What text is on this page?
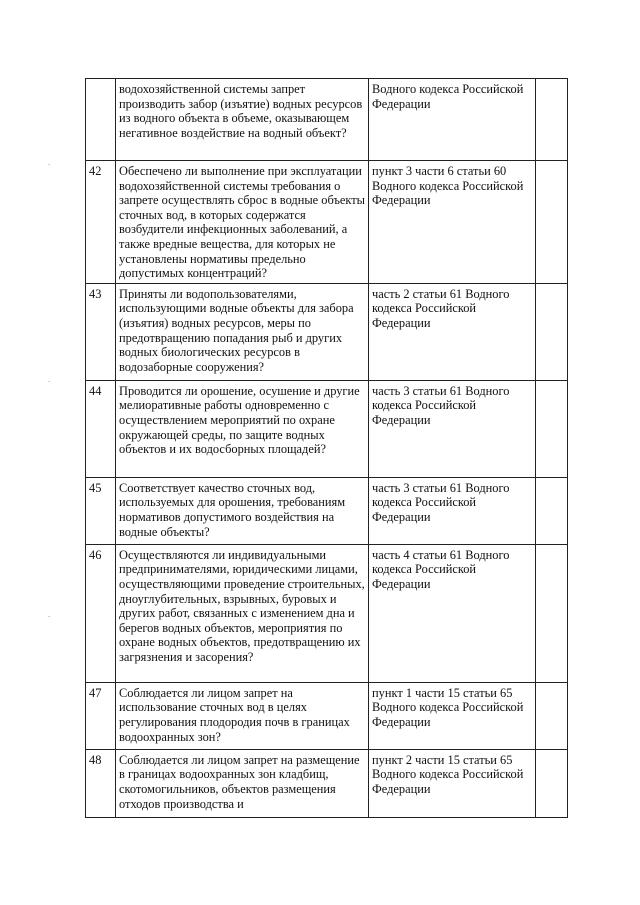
.
.
.
	водохозяйственной системы запрет производить забор (изъятие) водных ресурсов из водного объекта в объеме, оказывающем негативное воздействие на водный объект?	Водного кодекса Российской Федерации	
42	Обеспечено ли выполнение при эксплуатации водохозяйственной системы требования о запрете осуществлять сброс в водные объекты сточных вод, в которых содержатся возбудители инфекционных заболеваний, а также вредные вещества, для которых не установлены нормативы предельно допустимых концентраций?	пункт 3 части 6 статьи 60 Водного кодекса Российской Федерации	
43	Приняты ли водопользователями, использующими водные объекты для забора (изъятия) водных ресурсов, меры по предотвращению попадания рыб и других водных биологических ресурсов в водозаборные сооружения?	часть 2 статьи 61 Водного кодекса Российской Федерации	
44	Проводится ли орошение, осушение и другие мелиоративные работы одновременно с осуществлением мероприятий по охране окружающей среды, по защите водных объектов и их водосборных площадей?	часть 3 статьи 61 Водного кодекса Российской Федерации	
45	Соответствует качество сточных вод, используемых для орошения, требованиям нормативов допустимого воздействия на водные объекты?	часть 3 статьи 61 Водного кодекса Российской Федерации	
46	Осуществляются ли индивидуальными предпринимателями, юридическими лицами, осуществляющими проведение строительных, дноуглубительных, взрывных, буровых и других работ, связанных с изменением дна и берегов водных объектов, мероприятия по охране водных объектов, предотвращению их загрязнения и засорения?	часть 4 статьи 61 Водного кодекса Российской Федерации	
47	Соблюдается ли лицом запрет на использование сточных вод в целях регулирования плодородия почв в границах водоохранных зон?	пункт 1 части 15 статьи 65 Водного кодекса Российской Федерации	
48	Соблюдается ли лицом запрет на размещение в границах водоохранных зон кладбищ, скотомогильников, объектов размещения отходов производства и	пункт 2 части 15 статьи 65 Водного кодекса Российской Федерации	
